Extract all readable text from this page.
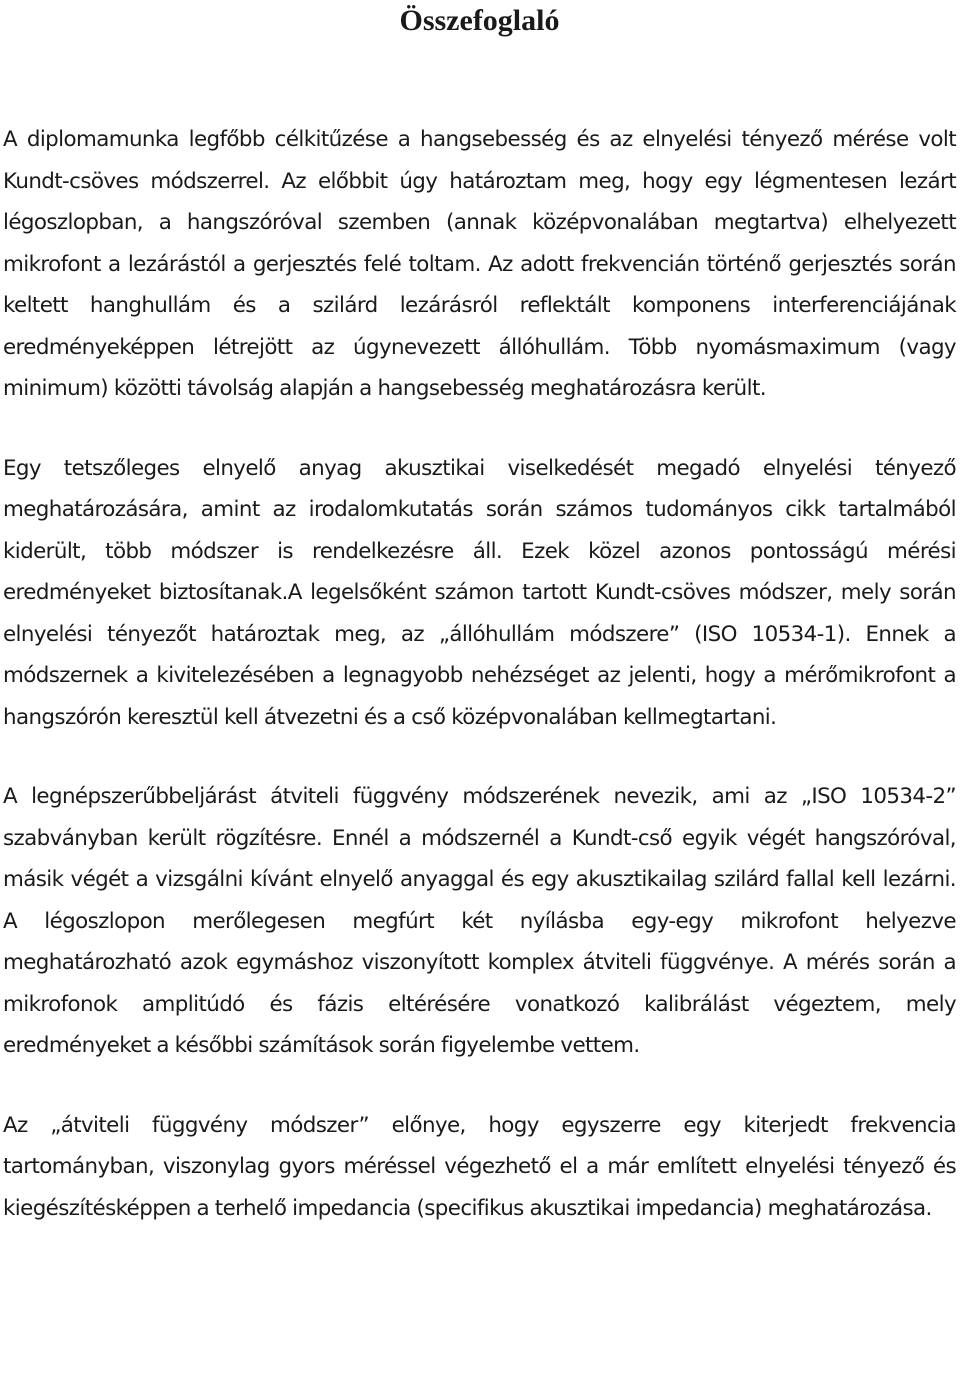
Összefoglaló

A diplomamunka legfőbb célkitűzése a hangsebesség és az elnyelési tényező mérése volt Kundt-csöves módszerrel. Az előbbit úgy határoztam meg, hogy egy légmentesen lezárt légoszlopban, a hangszóróval szemben (annak középvonalában megtartva) elhelyezett mikrofont a lezárástól a gerjesztés felé toltam. Az adott frekvencián történő gerjesztés során keltett hanghullám és a szilárd lezárásról reflektált komponens interferenciájának eredményeképpen létrejött az úgynevezett állóhullám. Több nyomásmaximum (vagy minimum) közötti távolság alapján a hangsebesség meghatározásra került.

Egy tetszőleges elnyelő anyag akusztikai viselkedését megadó elnyelési tényező meghatározására, amint az irodalomkutatás során számos tudományos cikk tartalmából kiderült, több módszer is rendelkezésre áll. Ezek közel azonos pontosságú mérési eredményeket biztosítanak.A legelsőként számon tartott Kundt-csöves módszer, mely során elnyelési tényezőt határoztak meg, az „állóhullám módszere” (ISO 10534-1). Ennek a módszernek a kivitelezésében a legnagyobb nehézséget az jelenti, hogy a mérőmikrofont a hangszórón keresztül kell átvezetni és a cső középvonalában kellmegtartani.

A legnépszerűbbeljárást átviteli függvény módszerének nevezik, ami az „ISO 10534-2” szabványban került rögzítésre. Ennél a módszernél a Kundt-cső egyik végét hangszóróval, másik végét a vizsgálni kívánt elnyelő anyaggal és egy akusztikailag szilárd fallal kell lezárni. A légoszlopon merőlegesen megfúrt két nyílásba egy-egy mikrofont helyezve meghatározható azok egymáshoz viszonyított komplex átviteli függvénye. A mérés során a mikrofonok amplitúdó és fázis eltérésére vonatkozó kalibrálást végeztem, mely eredményeket a későbbi számítások során figyelembe vettem.

Az „átviteli függvény módszer” előnye, hogy egyszerre egy kiterjedt frekvencia tartományban, viszonylag gyors méréssel végezhető el a már említett elnyelési tényező és kiegészítésképpen a terhelő impedancia (specifikus akusztikai impedancia) meghatározása.
